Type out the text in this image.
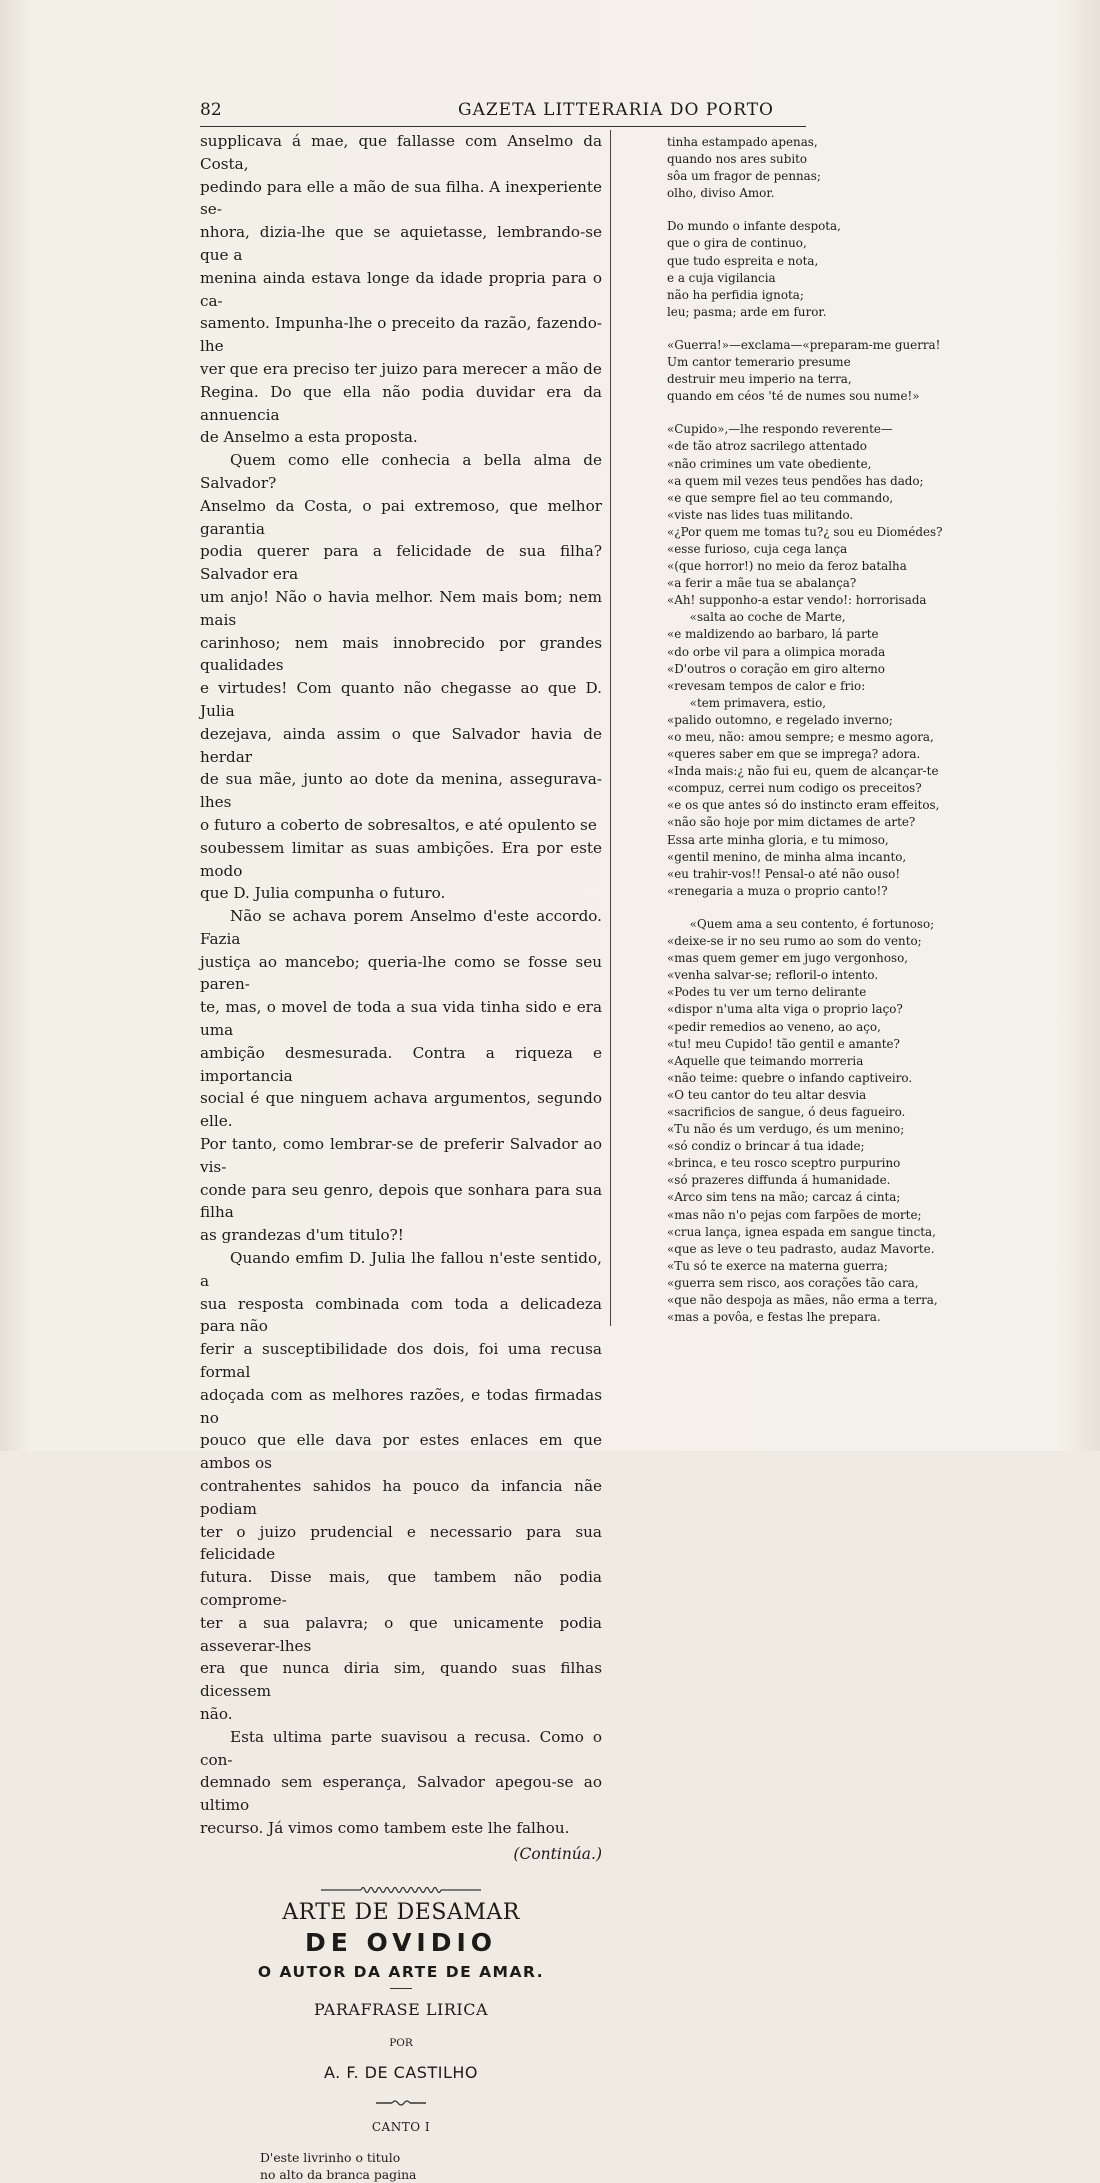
82	GAZETA LITTERARIA DO PORTO

supplicava á mae, que fallasse com Anselmo da Costa,
pedindo para elle a mão de sua filha. A inexperiente se-
nhora, dizia-lhe que se aquietasse, lembrando-se que a
menina ainda estava longe da idade propria para o ca-
samento. Impunha-lhe o preceito da razão, fazendo-lhe
ver que era preciso ter juizo para merecer a mão de
Regina. Do que ella não podia duvidar era da annuencia
de Anselmo a esta proposta.

Quem como elle conhecia a bella alma de Salvador?
Anselmo da Costa, o pai extremoso, que melhor garantia
podia querer para a felicidade de sua filha? Salvador era
um anjo! Não o havia melhor. Nem mais bom; nem mais
carinhoso; nem mais innobrecido por grandes qualidades
e virtudes! Com quanto não chegasse ao que D. Julia
dezejava, ainda assim o que Salvador havia de herdar
de sua mãe, junto ao dote da menina, asseguravа-lhes
o futuro a coberto de sobresaltos, e até opulento se
soubessem limitar as suas ambições. Era por este modo
que D. Julia compunha o futuro.

Não se achava porem Anselmo d'este accordo. Fazia
justiça ao mancebo; queria-lhe como se fosse seu paren-
te, mas, o movel de toda a sua vida tinha sido e era uma
ambição desmesurada. Contra a riqueza e importancia
social é que ninguem achava argumentos, segundo elle.
Por tanto, como lembrar-se de preferir Salvador ao vis-
conde para seu genro, depois que sonhara para sua filha
as grandezas d'um titulo?!

Quando emfim D. Julia lhe fallou n'este sentido, a
sua resposta combinada com toda a delicadeza para não
ferir a susceptibilidade dos dois, foi uma recusa formal
adoçada com as melhores razões, e todas firmadas no
pouco que elle dava por estes enlaces em que ambos os
contrahentes sahidos ha pouco da infancia nãe podiam
ter o juizo prudencial e necessario para sua felicidade
futura. Disse mais, que tambem não podia comprome-
ter a sua palavra; o que unicamente podia asseverar-lhes
era que nunca diria sim, quando suas filhas dicessem
não.

Esta ultima parte suavisou a recusa. Como o con-
demnado sem esperança, Salvador apegou-se ao ultimo
recurso. Já vimos como tambem este lhe falhou.

(Continúa.)
ARTE DE DESAMAR
DE OVIDIO
O AUTOR DA ARTE DE AMAR.
PARAFRASE LIRICA
POR
A. F. DE CASTILHO
CANTO I
D'este livrinho o titulo
no alto da branca pagina
tinha estampado apenas,
quando nos ares subito
sôa um fragor de pennas;
olho, diviso Amor.
Do mundo o infante despota,
que o gira de continuo,
que tudo espreita e nota,
e a cuja vigilancia
não ha perfidia ignota;
leu; pasma; arde em furor.
«Guerra!»—exclama—«preparam-me guerra!
Um cantor temerario presume
destruir meu imperio na terra,
quando em céos 'té de numes sou nume!»
«Cupido»,—lhe respondo reverente—
«de tão atroz sacrilego attentado
«não crimines um vate obediente,
«a quem mil vezes teus pendões has dado;
«e que sempre fiel ao teu commando,
«viste nas lides tuas militando.
«¿Por quem me tomas tu?¿ sou eu Diomédes?
«esse furioso, cuja cega lança
«(que horror!) no meio da feroz batalha
«a ferir a mãe tua se abalança?
«Ah! supponho-a estar vendo!: horrorisada
«salta ao coche de Marte,
«e maldizendo ao barbaro, lá parte
«do orbe vil para a olimpica morada
«D'outros o coração em giro alterno
«revesam tempos de calor e frio:
«tem primavera, estio,
«palido outomno, e regelado inverno;
«o meu, não: amou sempre; e mesmo agora,
«queres saber em que se imprega? adora.
«Inda mais:¿ não fui eu, quem de alcançar-te
«compuz, cerrei num codigo os preceitos?
«e os que antes só do instincto eram effeitos,
«não são hoje por mim dictames de arte?
Essa arte minha gloria, e tu mimoso,
«gentil menino, de minha alma incanto,
«eu trahir-vos!! Pensal-o até não ouso!
«renegaria a muza o proprio canto!?
«Quem ama a seu contento, é fortunoso;
«deixe-se ir no seu rumo ao som do vento;
«mas quem gemer em jugo vergonhoso,
«venha salvar-se; refloril-o intento.
«Podes tu ver um terno delirante
«dispor n'uma alta viga o proprio laço?
«pedir remedios ao veneno, ao aço,
«tu! meu Cupido! tão gentil e amante?
«Aquelle que teimando morreria
«não teime: quebre o infando captiveiro.
«O teu cantor do teu altar desvia
«sacrificios de sangue, ó deus fagueiro.
«Tu não és um verdugo, és um menino;
«só condiz o brincar á tua idade;
«brinca, e teu rosco sceptro purpurino
«só prazeres diffunda á humanidade.
«Arco sim tens na mão; carcaz á cinta;
«mas não n'o pejas com farpões de morte;
«crua lança, ignea espada em sangue tincta,
«que as leve o teu padrasto, audaz Mavorte.
«Tu só te exerce na materna guerra;
«guerra sem risco, aos corações tão cara,
«que não despoja as mães, não erma a terra,
«mas a povôa, e festas lhe prepara.
